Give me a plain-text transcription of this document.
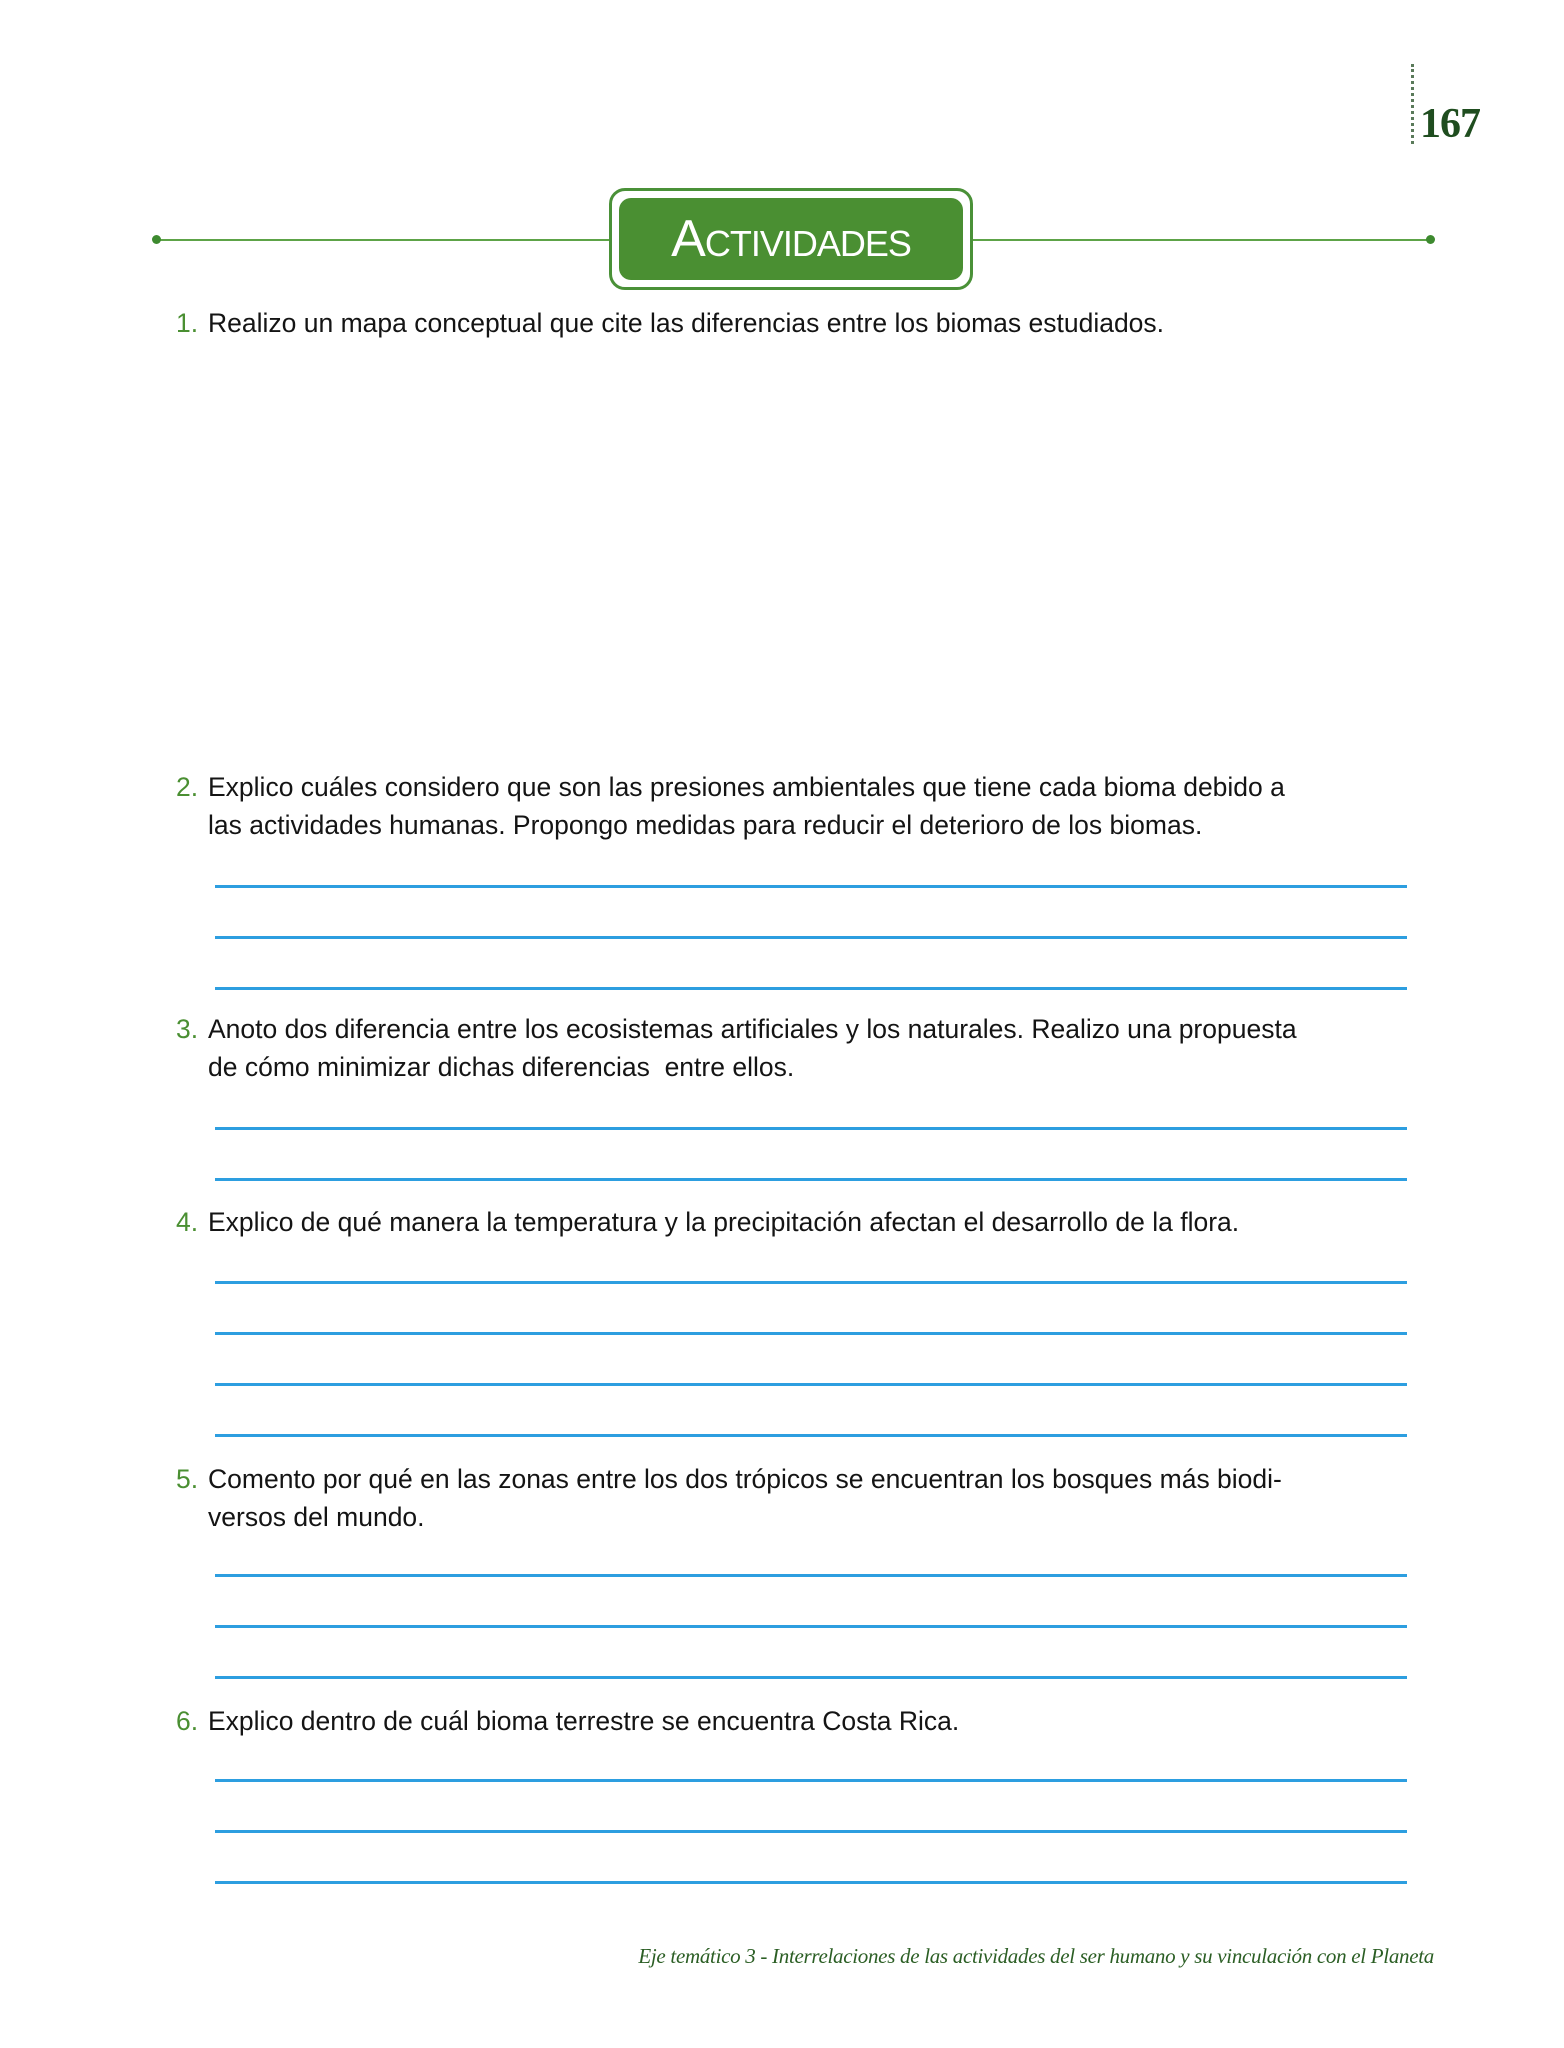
167
Actividades
1. Realizo un mapa conceptual que cite las diferencias entre los biomas estudiados.
2. Explico cuáles considero que son las presiones ambientales que tiene cada bioma debido a
las actividades humanas. Propongo medidas para reducir el deterioro de los biomas.
3. Anoto dos diferencia entre los ecosistemas artificiales y los naturales. Realizo una propuesta
de cómo minimizar dichas diferencias  entre ellos.
4. Explico de qué manera la temperatura y la precipitación afectan el desarrollo de la flora.
5. Comento por qué en las zonas entre los dos trópicos se encuentran los bosques más biodi-
versos del mundo.
6. Explico dentro de cuál bioma terrestre se encuentra Costa Rica.
Eje temático 3 - Interrelaciones de las actividades del ser humano y su vinculación con el Planeta
